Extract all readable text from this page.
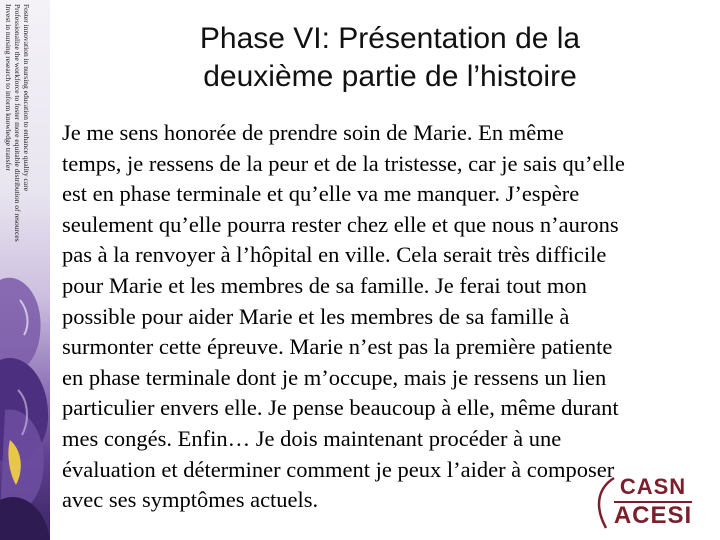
Invest in nursing research to inform knowledge transfer Professionalize the workforce to foster more equitable distribution of resources Foster innovation in nursing education to enhance quality care	Phase VI: Présentation de la
deuxième partie de l’histoire
Je me sens honorée de prendre soin de Marie. En même
temps, je ressens de la peur et de la tristesse, car je sais qu’elle
est en phase terminale et qu’elle va me manquer. J’espère
seulement qu’elle pourra rester chez elle et que nous n’aurons
pas à la renvoyer à l’hôpital en ville. Cela serait très difficile
pour Marie et les membres de sa famille. Je ferai tout mon
possible pour aider Marie et les membres de sa famille à
surmonter cette épreuve. Marie n’est pas la première patiente
en phase terminale dont je m’occupe, mais je ressens un lien
particulier envers elle. Je pense beaucoup à elle, même durant
mes congés. Enfin… Je dois maintenant procéder à une
évaluation et déterminer comment je peux l’aider à composer
avec ses symptômes actuels.
CASN
ACESI
